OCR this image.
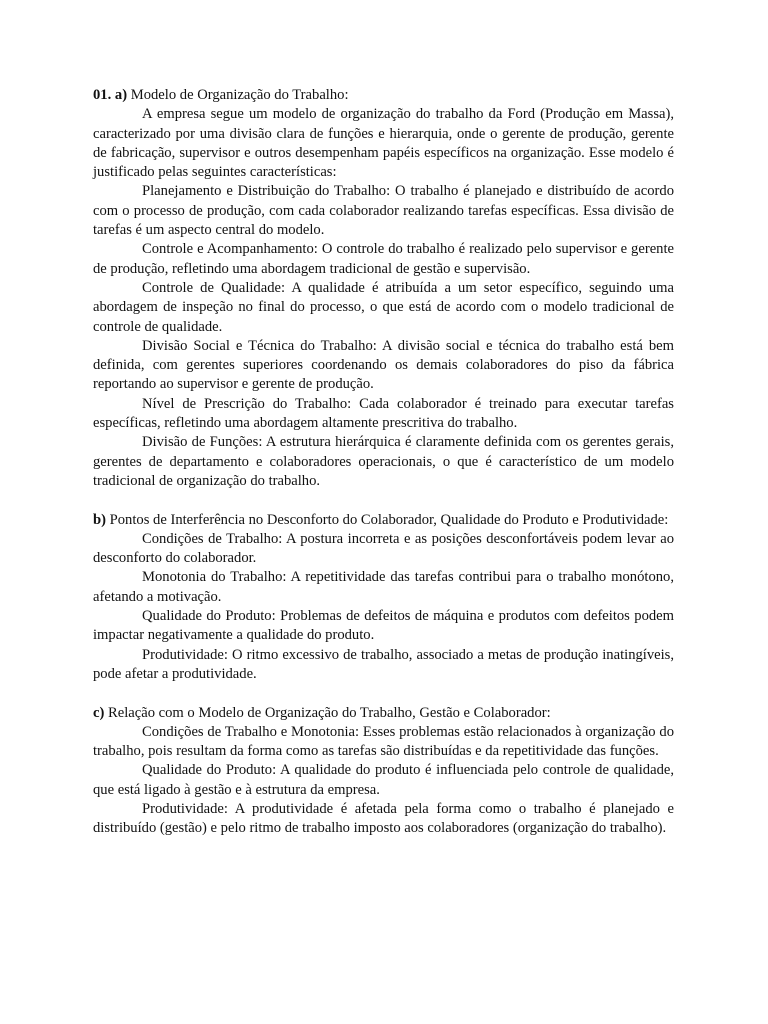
01. a) Modelo de Organização do Trabalho:

A empresa segue um modelo de organização do trabalho da Ford (Produção em Massa), caracterizado por uma divisão clara de funções e hierarquia, onde o gerente de produção, gerente de fabricação, supervisor e outros desempenham papéis específicos na organização. Esse modelo é justificado pelas seguintes características:

Planejamento e Distribuição do Trabalho: O trabalho é planejado e distribuído de acordo com o processo de produção, com cada colaborador realizando tarefas específicas. Essa divisão de tarefas é um aspecto central do modelo.

Controle e Acompanhamento: O controle do trabalho é realizado pelo supervisor e gerente de produção, refletindo uma abordagem tradicional de gestão e supervisão.

Controle de Qualidade: A qualidade é atribuída a um setor específico, seguindo uma abordagem de inspeção no final do processo, o que está de acordo com o modelo tradicional de controle de qualidade.

Divisão Social e Técnica do Trabalho: A divisão social e técnica do trabalho está bem definida, com gerentes superiores coordenando os demais colaboradores do piso da fábrica reportando ao supervisor e gerente de produção.

Nível de Prescrição do Trabalho: Cada colaborador é treinado para executar tarefas específicas, refletindo uma abordagem altamente prescritiva do trabalho.

Divisão de Funções: A estrutura hierárquica é claramente definida com os gerentes gerais, gerentes de departamento e colaboradores operacionais, o que é característico de um modelo tradicional de organização do trabalho.

b) Pontos de Interferência no Desconforto do Colaborador, Qualidade do Produto e Produtividade:

Condições de Trabalho: A postura incorreta e as posições desconfortáveis podem levar ao desconforto do colaborador.

Monotonia do Trabalho: A repetitividade das tarefas contribui para o trabalho monótono, afetando a motivação.

Qualidade do Produto: Problemas de defeitos de máquina e produtos com defeitos podem impactar negativamente a qualidade do produto.

Produtividade: O ritmo excessivo de trabalho, associado a metas de produção inatingíveis, pode afetar a produtividade.

c) Relação com o Modelo de Organização do Trabalho, Gestão e Colaborador:

Condições de Trabalho e Monotonia: Esses problemas estão relacionados à organização do trabalho, pois resultam da forma como as tarefas são distribuídas e da repetitividade das funções.

Qualidade do Produto: A qualidade do produto é influenciada pelo controle de qualidade, que está ligado à gestão e à estrutura da empresa.

Produtividade: A produtividade é afetada pela forma como o trabalho é planejado e distribuído (gestão) e pelo ritmo de trabalho imposto aos colaboradores (organização do trabalho).
